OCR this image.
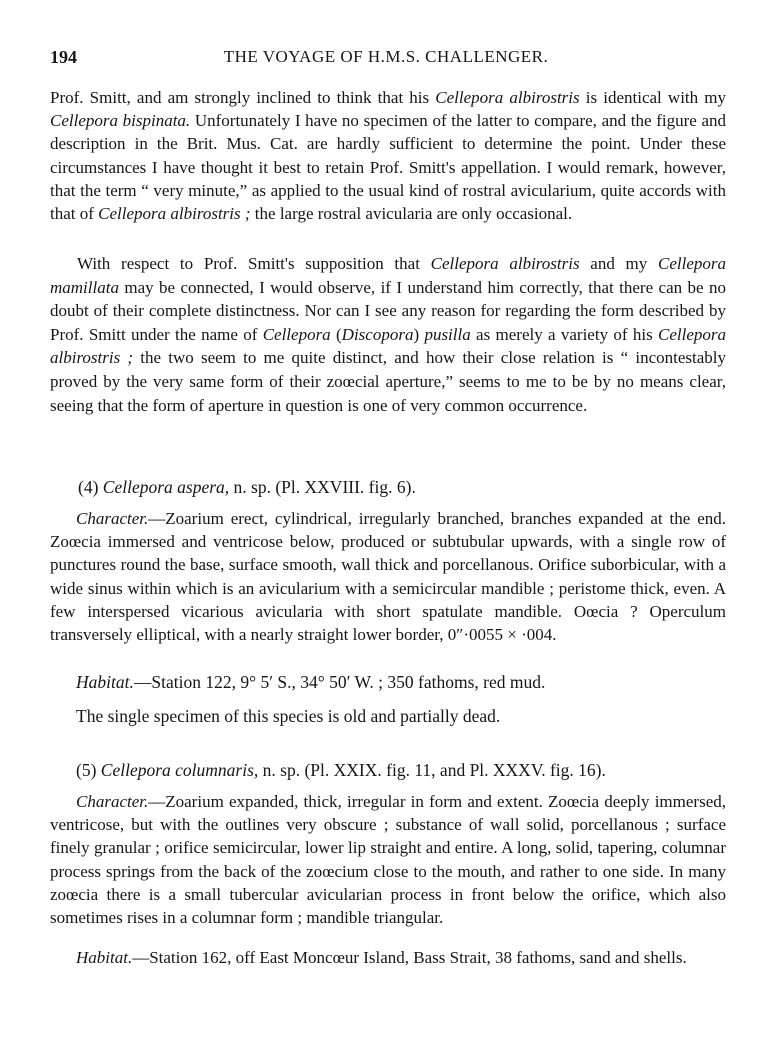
194	THE VOYAGE OF H.M.S. CHALLENGER.

Prof. Smitt, and am strongly inclined to think that his Cellepora albirostris is identical with my Cellepora bispinata. Unfortunately I have no specimen of the latter to compare, and the figure and description in the Brit. Mus. Cat. are hardly sufficient to determine the point. Under these circumstances I have thought it best to retain Prof. Smitt's appellation. I would remark, however, that the term “ very minute,” as applied to the usual kind of rostral avicularium, quite accords with that of Cellepora albirostris ; the large rostral avicularia are only occasional.

With respect to Prof. Smitt's supposition that Cellepora albirostris and my Cellepora mamillata may be connected, I would observe, if I understand him correctly, that there can be no doubt of their complete distinctness. Nor can I see any reason for regarding the form described by Prof. Smitt under the name of Cellepora (Discopora) pusilla as merely a variety of his Cellepora albirostris ; the two seem to me quite distinct, and how their close relation is “ incontestably proved by the very same form of their zoœcial aperture,” seems to me to be by no means clear, seeing that the form of aperture in question is one of very common occurrence.

(4) Cellepora aspera, n. sp. (Pl. XXVIII. fig. 6).

Character.—Zoarium erect, cylindrical, irregularly branched, branches expanded at the end. Zoœcia immersed and ventricose below, produced or subtubular upwards, with a single row of punctures round the base, surface smooth, wall thick and porcellanous. Orifice suborbicular, with a wide sinus within which is an avicularium with a semicircular mandible ; peristome thick, even. A few interspersed vicarious avicularia with short spatulate mandible. Oœcia ? Operculum transversely elliptical, with a nearly straight lower border, 0″·0055 × ·004.

Habitat.—Station 122, 9° 5′ S., 34° 50′ W. ; 350 fathoms, red mud.
The single specimen of this species is old and partially dead.
(5) Cellepora columnaris, n. sp. (Pl. XXIX. fig. 11, and Pl. XXXV. fig. 16).

Character.—Zoarium expanded, thick, irregular in form and extent. Zoœcia deeply immersed, ventricose, but with the outlines very obscure ; substance of wall solid, porcellanous ; surface finely granular ; orifice semicircular, lower lip straight and entire. A long, solid, tapering, columnar process springs from the back of the zoœcium close to the mouth, and rather to one side. In many zoœcia there is a small tubercular avicularian process in front below the orifice, which also sometimes rises in a columnar form ; mandible triangular.

Habitat.—Station 162, off East Moncœur Island, Bass Strait, 38 fathoms, sand and shells.
